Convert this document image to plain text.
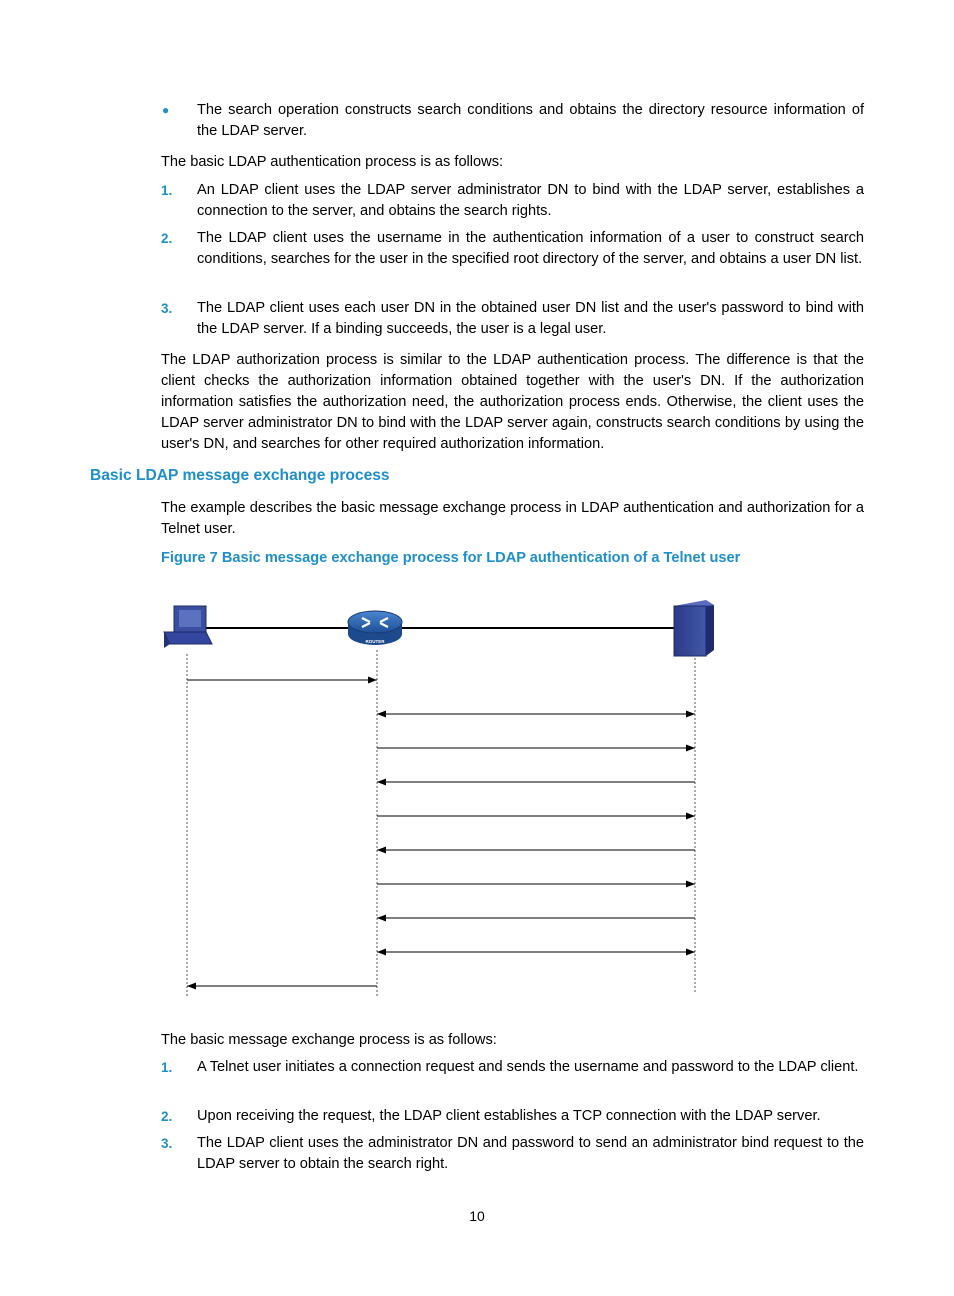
● The search operation constructs search conditions and obtains the directory resource information of the LDAP server.

The basic LDAP authentication process is as follows:

1. An LDAP client uses the LDAP server administrator DN to bind with the LDAP server, establishes a connection to the server, and obtains the search rights.
2. The LDAP client uses the username in the authentication information of a user to construct search conditions, searches for the user in the specified root directory of the server, and obtains a user DN list.
3. The LDAP client uses each user DN in the obtained user DN list and the user's password to bind with the LDAP server. If a binding succeeds, the user is a legal user.

The LDAP authorization process is similar to the LDAP authentication process. The difference is that the client checks the authorization information obtained together with the user's DN. If the authorization information satisfies the authorization need, the authorization process ends. Otherwise, the client uses the LDAP server administrator DN to bind with the LDAP server again, constructs search conditions by using the user's DN, and searches for other required authorization information.

Basic LDAP message exchange process

The example describes the basic message exchange process in LDAP authentication and authorization for a Telnet user.

Figure 7 Basic message exchange process for LDAP authentication of a Telnet user

ROUTER

The basic message exchange process is as follows:

1. A Telnet user initiates a connection request and sends the username and password to the LDAP client.
2. Upon receiving the request, the LDAP client establishes a TCP connection with the LDAP server.
3. The LDAP client uses the administrator DN and password to send an administrator bind request to the LDAP server to obtain the search right.
10
